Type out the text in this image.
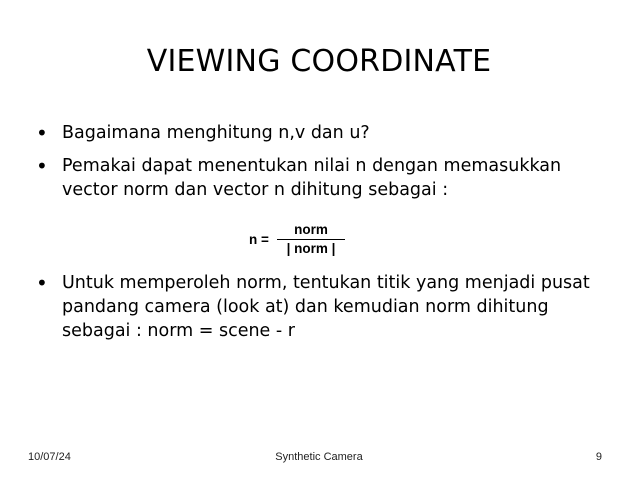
VIEWING COORDINATE
• Bagaimana menghitung n,v dan u?
• Pemakai dapat menentukan nilai n dengan memasukkan vector norm dan vector n dihitung sebagai :
n =
norm
| norm |
• Untuk memperoleh norm, tentukan titik yang menjadi pusat pandang camera (look at) dan kemudian norm dihitung sebagai : norm = scene - r
10/07/24	Synthetic Camera	9
